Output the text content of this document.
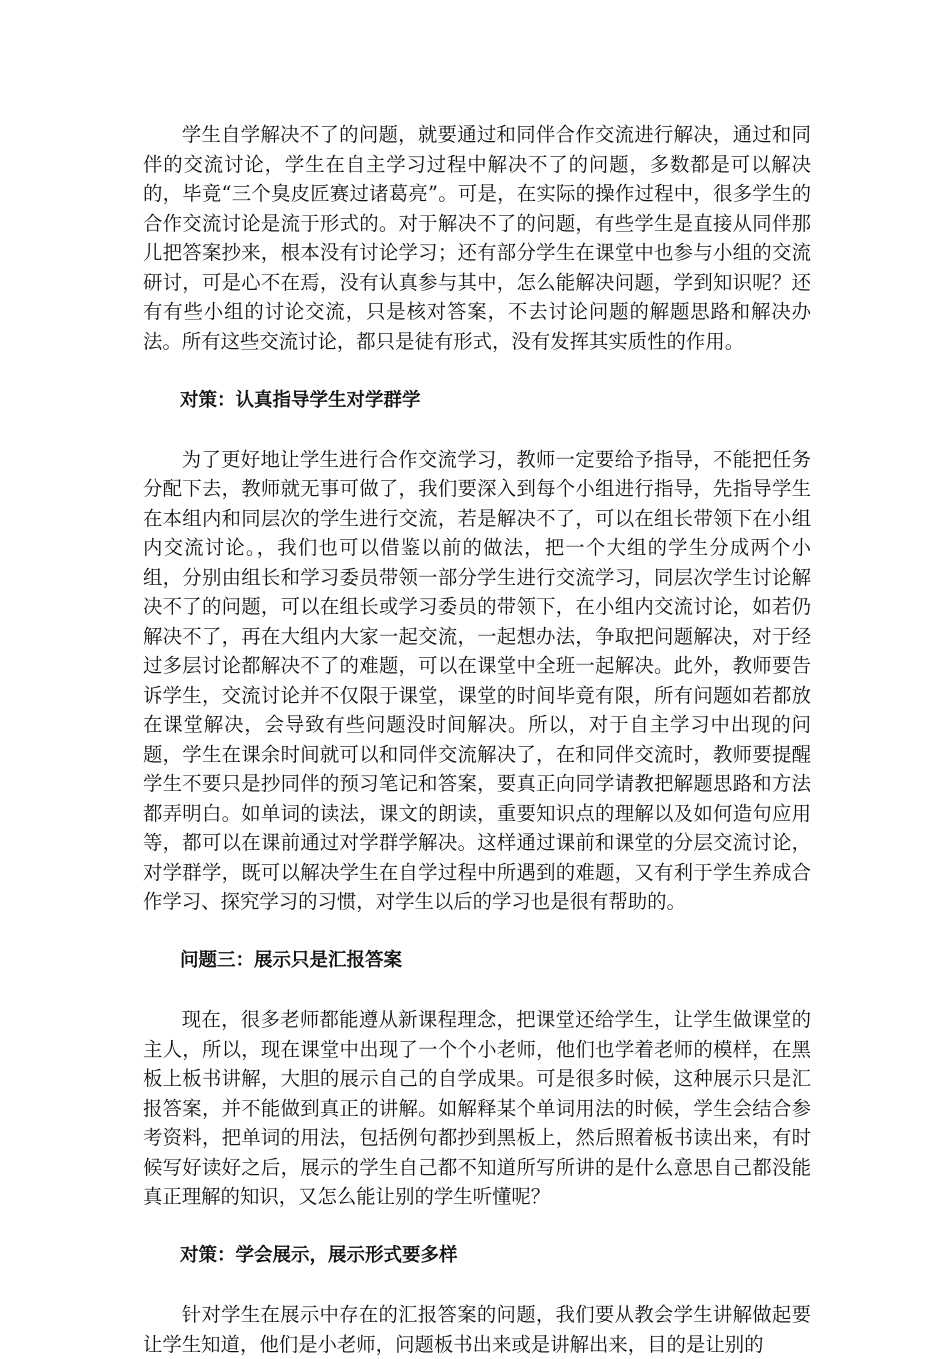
学生自学解决不了的问题，就要通过和同伴合作交流进行解决，通过和同伴的交流讨论，学生在自主学习过程中解决不了的问题，多数都是可以解决的，毕竟“三个臭皮匠赛过诸葛亮”。可是，在实际的操作过程中，很多学生的合作交流讨论是流于形式的。对于解决不了的问题，有些学生是直接从同伴那儿把答案抄来，根本没有讨论学习；还有部分学生在课堂中也参与小组的交流研讨，可是心不在焉，没有认真参与其中，怎么能解决问题，学到知识呢？还有有些小组的讨论交流，只是核对答案，不去讨论问题的解题思路和解决办法。所有这些交流讨论，都只是徒有形式，没有发挥其实质性的作用。

对策：认真指导学生对学群学

为了更好地让学生进行合作交流学习，教师一定要给予指导，不能把任务分配下去，教师就无事可做了，我们要深入到每个小组进行指导，先指导学生在本组内和同层次的学生进行交流，若是解决不了，可以在组长带领下在小组内交流讨论。，我们也可以借鉴以前的做法，把一个大组的学生分成两个小组，分别由组长和学习委员带领一部分学生进行交流学习，同层次学生讨论解决不了的问题，可以在组长或学习委员的带领下，在小组内交流讨论，如若仍解决不了，再在大组内大家一起交流，一起想办法，争取把问题解决，对于经过多层讨论都解决不了的难题，可以在课堂中全班一起解决。此外，教师要告诉学生，交流讨论并不仅限于课堂，课堂的时间毕竟有限，所有问题如若都放在课堂解决，会导致有些问题没时间解决。所以，对于自主学习中出现的问题，学生在课余时间就可以和同伴交流解决了，在和同伴交流时，教师要提醒学生不要只是抄同伴的预习笔记和答案，要真正向同学请教把解题思路和方法都弄明白。如单词的读法，课文的朗读，重要知识点的理解以及如何造句应用等，都可以在课前通过对学群学解决。这样通过课前和课堂的分层交流讨论，对学群学，既可以解决学生在自学过程中所遇到的难题，又有利于学生养成合作学习、探究学习的习惯，对学生以后的学习也是很有帮助的。

问题三：展示只是汇报答案

现在，很多老师都能遵从新课程理念，把课堂还给学生，让学生做课堂的主人，所以，现在课堂中出现了一个个小老师，他们也学着老师的模样，在黑板上板书讲解，大胆的展示自己的自学成果。可是很多时候，这种展示只是汇报答案，并不能做到真正的讲解。如解释某个单词用法的时候，学生会结合参考资料，把单词的用法，包括例句都抄到黑板上，然后照着板书读出来，有时候写好读好之后，展示的学生自己都不知道所写所讲的是什么意思自己都没能真正理解的知识，又怎么能让别的学生听懂呢？

对策：学会展示，展示形式要多样

针对学生在展示中存在的汇报答案的问题，我们要从教会学生讲解做起要让学生知道，他们是小老师，问题板书出来或是讲解出来，目的是让别的
